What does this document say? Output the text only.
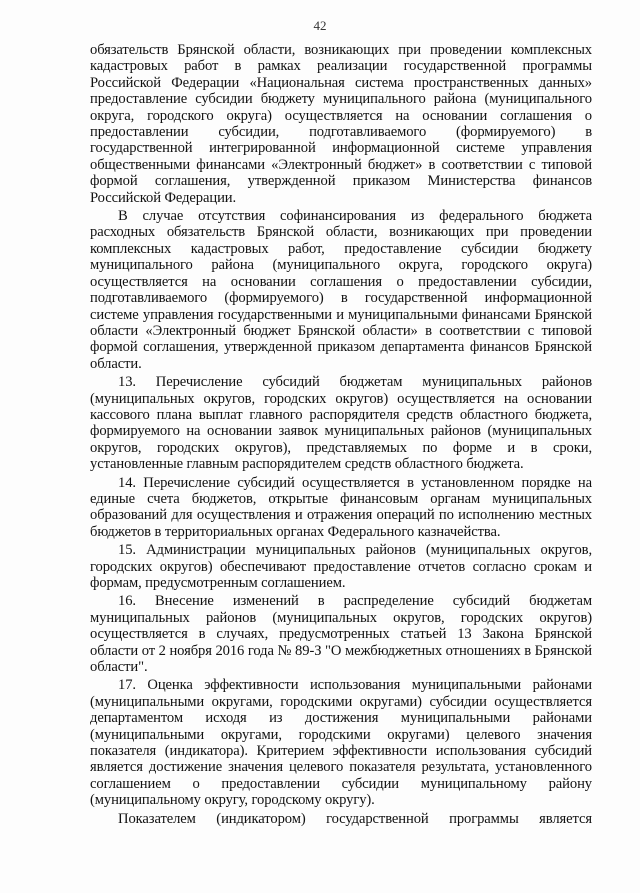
42
обязательств Брянской области, возникающих при проведении комплексных
кадастровых работ в рамках реализации государственной программы
Российской Федерации «Национальная система пространственных данных»
предоставление субсидии бюджету муниципального района (муниципального
округа, городского округа) осуществляется на основании соглашения о
предоставлении субсидии, подготавливаемого (формируемого) в
государственной интегрированной информационной системе управления
общественными финансами «Электронный бюджет» в соответствии с типовой
формой соглашения, утвержденной приказом Министерства финансов
Российской Федерации.
В случае отсутствия софинансирования из федерального бюджета
расходных обязательств Брянской области, возникающих при проведении
комплексных кадастровых работ, предоставление субсидии бюджету
муниципального района (муниципального округа, городского округа)
осуществляется на основании соглашения о предоставлении субсидии,
подготавливаемого (формируемого) в государственной информационной
системе управления государственными и муниципальными финансами Брянской
области «Электронный бюджет Брянской области» в соответствии с типовой
формой соглашения, утвержденной приказом департамента финансов Брянской
области.
13. Перечисление субсидий бюджетам муниципальных районов
(муниципальных округов, городских округов) осуществляется на основании
кассового плана выплат главного распорядителя средств областного бюджета,
формируемого на основании заявок муниципальных районов (муниципальных
округов, городских округов), представляемых по форме и в сроки,
установленные главным распорядителем средств областного бюджета.
14. Перечисление субсидий осуществляется в установленном порядке на
единые счета бюджетов, открытые финансовым органам муниципальных
образований для осуществления и отражения операций по исполнению местных
бюджетов в территориальных органах Федерального казначейства.
15. Администрации муниципальных районов (муниципальных округов,
городских округов) обеспечивают предоставление отчетов согласно срокам и
формам, предусмотренным соглашением.
16. Внесение изменений в распределение субсидий бюджетам
муниципальных районов (муниципальных округов, городских округов)
осуществляется в случаях, предусмотренных статьей 13 Закона Брянской
области от 2 ноября 2016 года № 89-З "О межбюджетных отношениях в Брянской
области".
17. Оценка эффективности использования муниципальными районами
(муниципальными округами, городскими округами) субсидии осуществляется
департаментом исходя из достижения муниципальными районами
(муниципальными округами, городскими округами) целевого значения
показателя (индикатора). Критерием эффективности использования субсидий
является достижение значения целевого показателя результата, установленного
соглашением о предоставлении субсидии муниципальному району
(муниципальному округу, городскому округу).
Показателем (индикатором) государственной программы является
